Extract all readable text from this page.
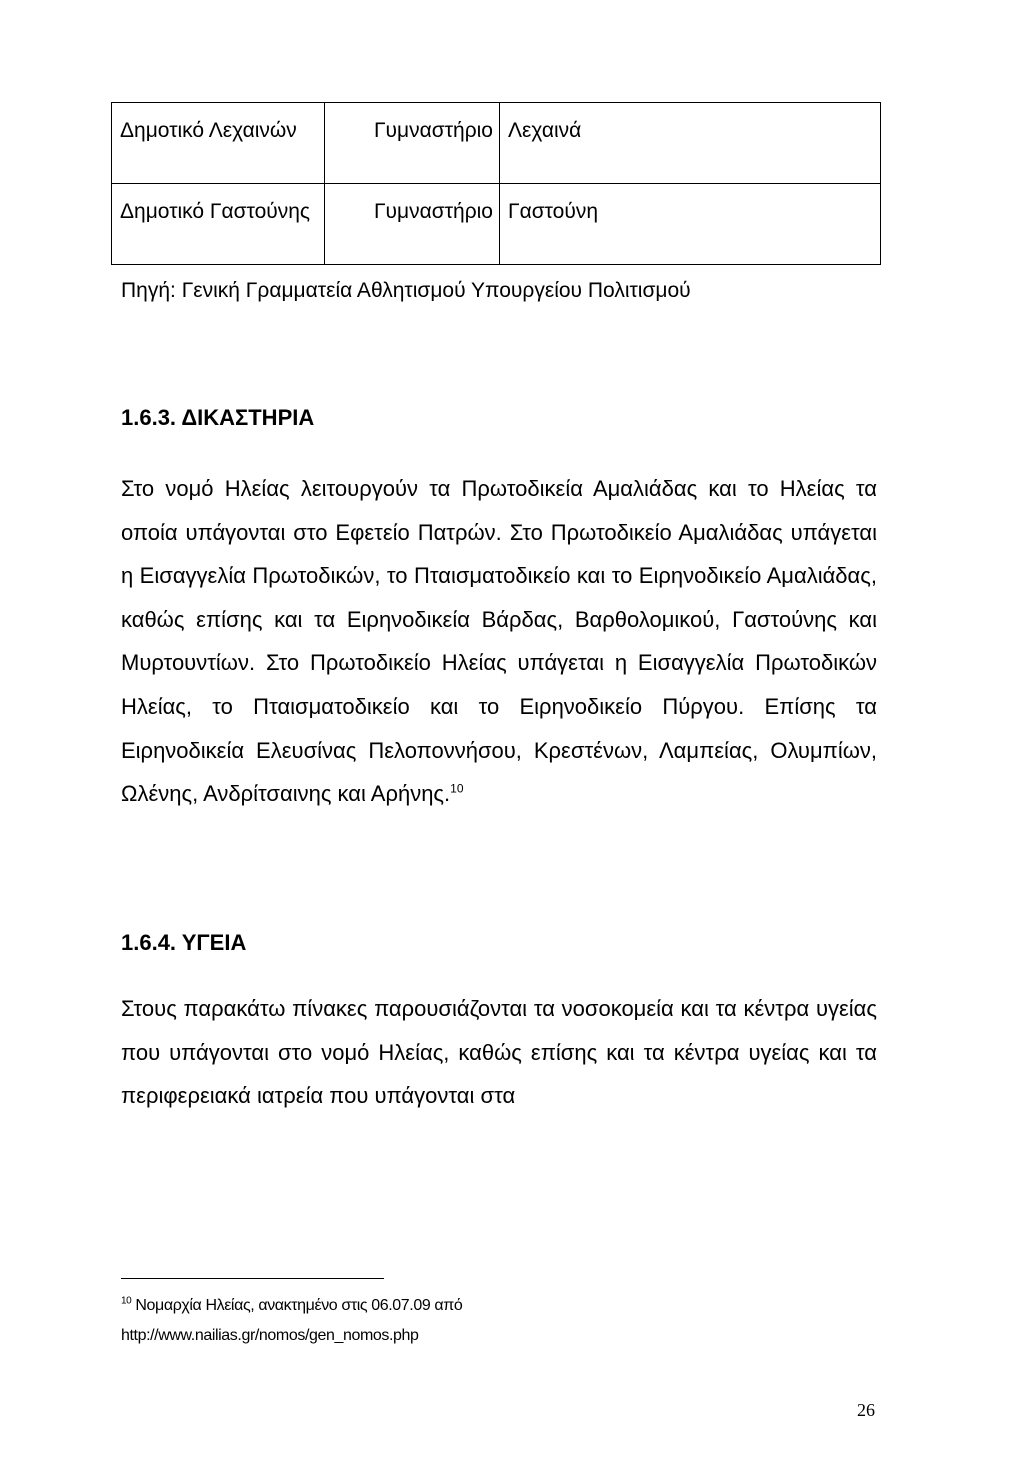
Δημοτικό Λεχαινών	Γυμναστήριο	Λεχαινά
Δημοτικό Γαστούνης	Γυμναστήριο	Γαστούνη
Πηγή: Γενική Γραμματεία Αθλητισμού Υπουργείου Πολιτισμού
1.6.3. ΔΙΚΑΣΤΗΡΙΑ
Στο νομό Ηλείας λειτουργούν τα Πρωτοδικεία Αμαλιάδας και το Ηλείας τα οποία υπάγονται στο Εφετείο Πατρών. Στο Πρωτοδικείο Αμαλιάδας υπάγεται η Εισαγγελία Πρωτοδικών, το Πταισματοδικείο και το Ειρηνοδικείο Αμαλιάδας, καθώς επίσης και τα Ειρηνοδικεία Βάρδας, Βαρθολομικού, Γαστούνης και Μυρτουντίων. Στο Πρωτοδικείο Ηλείας υπάγεται η Εισαγγελία Πρωτοδικών Ηλείας, το Πταισματοδικείο και το Ειρηνοδικείο Πύργου. Επίσης τα Ειρηνοδικεία Ελευσίνας Πελοποννήσου, Κρεστένων, Λαμπείας, Ολυμπίων, Ωλένης, Ανδρίτσαινης και Αρήνης.$^{10}$
1.6.4. ΥΓΕΙΑ
Στους παρακάτω πίνακες παρουσιάζονται τα νοσοκομεία και τα κέντρα υγείας που υπάγονται στο νομό Ηλείας, καθώς επίσης και τα κέντρα υγείας και τα περιφερειακά ιατρεία που υπάγονται στα
$^{10}$ Νομαρχία Ηλείας, ανακτημένο στις 06.07.09 από
http://www.nailias.gr/nomos/gen_nomos.php
26
